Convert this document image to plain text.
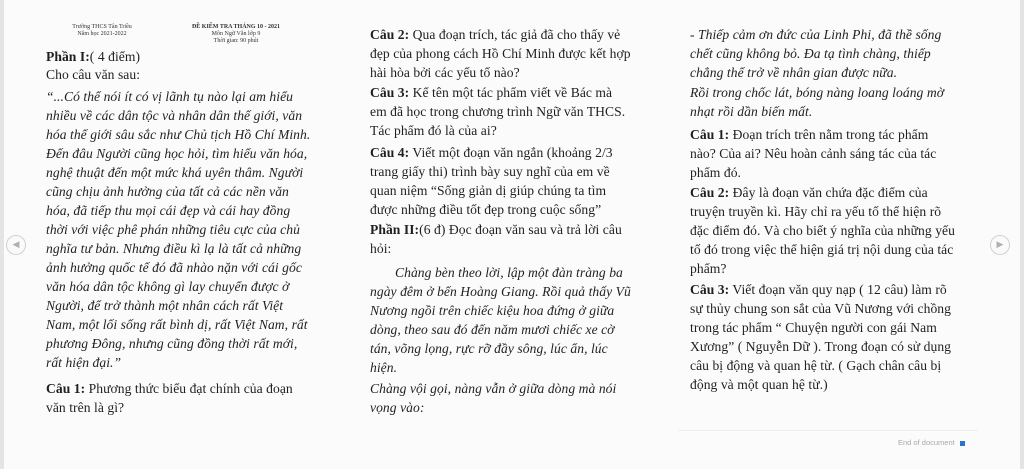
◀	▶
Trường THCS Tân Triều
Năm học 2021-2022
ĐỀ KIỂM TRA THÁNG 10 - 2021
Môn Ngữ Văn lớp 9
Thời gian: 90 phút
Phần I:( 4 điểm)
Cho câu văn sau:
“...Có thể nói ít có vị lãnh tụ nào lại am hiểu
nhiều về các dân tộc và nhân dân thế giới, văn
hóa thế giới sâu sắc như Chủ tịch Hồ Chí Minh.
Đến đâu Người cũng học hỏi, tìm hiểu văn hóa,
nghệ thuật đến một mức khá uyên thâm. Người
cũng chịu ảnh hưởng của tất cả các nền văn
hóa, đã tiếp thu mọi cái đẹp và cái hay đồng
thời với việc phê phán những tiêu cực của chủ
nghĩa tư bản. Nhưng điều kì lạ là tất cả những
ảnh hưởng quốc tế đó đã nhào nặn với cái gốc
văn hóa dân tộc không gì lay chuyển được ở
Người, để trở thành một nhân cách rất Việt
Nam, một lối sống rất bình dị, rất Việt Nam, rất
phương Đông, nhưng cũng đồng thời rất mới,
rất hiện đại.”
Câu 1: Phương thức biểu đạt chính của đoạn
văn trên là gì?
Câu 2: Qua đoạn trích, tác giả đã cho thấy vẻ
đẹp của phong cách Hồ Chí Minh được kết hợp
hài hòa bởi các yếu tố nào?
Câu 3: Kể tên một tác phẩm viết về Bác mà
em đã học trong chương trình Ngữ văn THCS.
Tác phẩm đó là của ai?
Câu 4: Viết một đoạn văn ngắn (khoảng 2/3
trang giấy thi) trình bày suy nghĩ của em về
quan niệm “Sống giản dị giúp chúng ta tìm
được những điều tốt đẹp trong cuộc sống”
Phần II:(6 đ) Đọc đoạn văn sau và trả lời câu
hỏi:
Chàng bèn theo lời, lập một đàn tràng ba
ngày đêm ở bến Hoàng Giang. Rồi quả thấy Vũ
Nương ngồi trên chiếc kiệu hoa đứng ở giữa
dòng, theo sau đó đến năm mươi chiếc xe cờ
tán, võng lọng, rực rỡ đầy sông, lúc ẩn, lúc
hiện.
Chàng vội gọi, nàng vẫn ở giữa dòng mà nói
vọng vào:
- Thiếp cảm ơn đức của Linh Phi, đã thề sống
chết cũng không bỏ. Đa tạ tình chàng, thiếp
chẳng thể trở về nhân gian được nữa.
Rồi trong chốc lát, bóng nàng loang loáng mờ
nhạt rồi dần biến mất.
Câu 1: Đoạn trích trên nằm trong tác phẩm
nào? Của ai? Nêu hoàn cảnh sáng tác của tác
phẩm đó.
Câu 2: Đây là đoạn văn chứa đặc điểm của
truyện truyền kì. Hãy chỉ ra yếu tố thể hiện rõ
đặc điểm đó. Và cho biết ý nghĩa của những yếu
tố đó trong việc thể hiện giá trị nội dung của tác
phẩm?
Câu 3: Viết đoạn văn quy nạp ( 12 câu) làm rõ
sự thủy chung son sắt của Vũ Nương với chồng
trong tác phẩm “ Chuyện người con gái Nam
Xương” ( Nguyễn Dữ ). Trong đoạn có sử dụng
câu bị động và quan hệ từ. ( Gạch chân câu bị
động và một quan hệ từ.)
End of document
